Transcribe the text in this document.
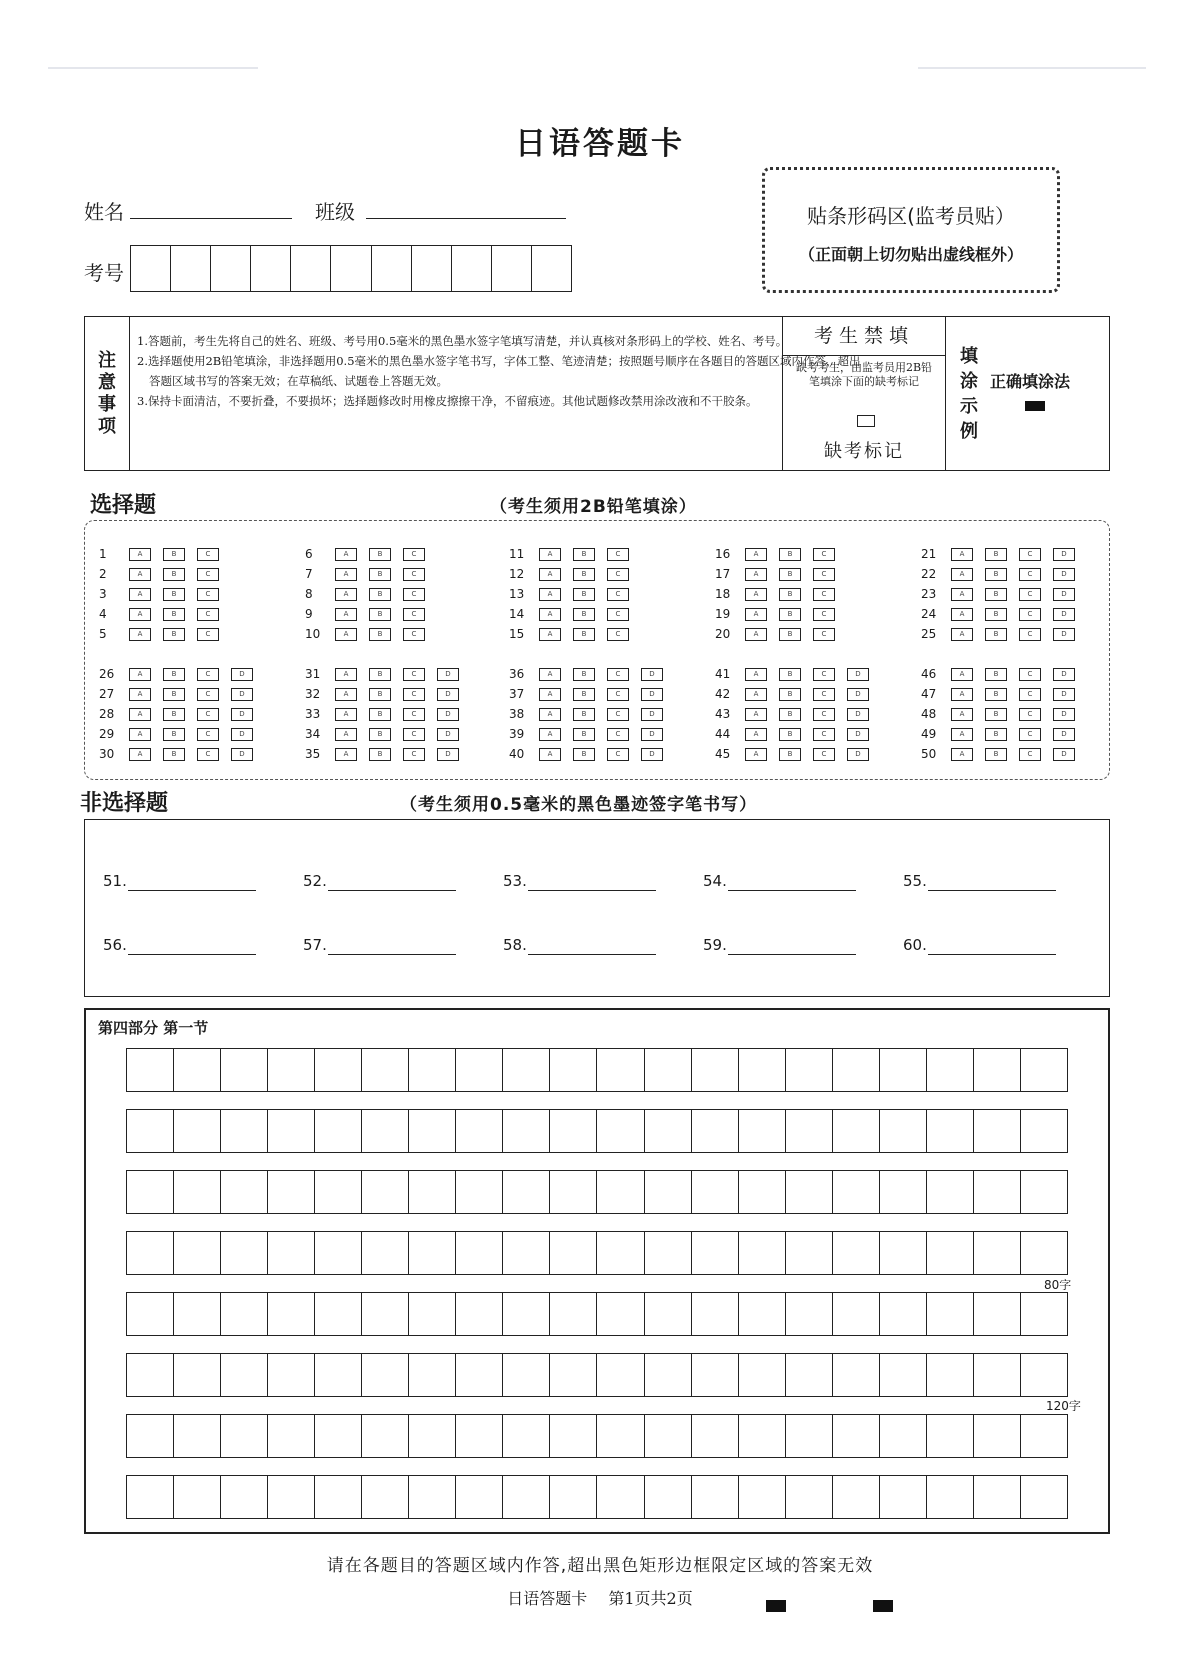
日语答题卡
姓名	班级
考号
贴条形码区(监考员贴）
（正面朝上切勿贴出虚线框外）
注
意
事
项
1.答题前，考生先将自己的姓名、班级、考号用0.5毫米的黑色墨水签字笔填写清楚，并认真核对条形码上的学校、姓名、考号。
2.选择题使用2B铅笔填涂，非选择题用0.5毫米的黑色墨水签字笔书写，字体工整、笔迹清楚；按照题号顺序在各题目的答题区域内作答，超出答题区域书写的答案无效；在草稿纸、试题卷上答题无效。
3.保持卡面清洁，不要折叠，不要损坏；选择题修改时用橡皮擦擦干净，不留痕迹。其他试题修改禁用涂改液和不干胶条。
考生禁填
缺考考生，由监考员用2B铅笔填涂下面的缺考标记
缺考标记
填
涂
示
例
正确填涂法
选择题	（考生须用2B铅笔填涂）
1	A	B	C
2	A	B	C
3	A	B	C
4	A	B	C
5	A	B	C
6	A	B	C
7	A	B	C
8	A	B	C
9	A	B	C
10	A	B	C
11	A	B	C
12	A	B	C
13	A	B	C
14	A	B	C
15	A	B	C
16	A	B	C
17	A	B	C
18	A	B	C
19	A	B	C
20	A	B	C
21	A	B	C	D
22	A	B	C	D
23	A	B	C	D
24	A	B	C	D
25	A	B	C	D
26	A	B	C	D
27	A	B	C	D
28	A	B	C	D
29	A	B	C	D
30	A	B	C	D
31	A	B	C	D
32	A	B	C	D
33	A	B	C	D
34	A	B	C	D
35	A	B	C	D
36	A	B	C	D
37	A	B	C	D
38	A	B	C	D
39	A	B	C	D
40	A	B	C	D
41	A	B	C	D
42	A	B	C	D
43	A	B	C	D
44	A	B	C	D
45	A	B	C	D
46	A	B	C	D
47	A	B	C	D
48	A	B	C	D
49	A	B	C	D
50	A	B	C	D
非选择题	（考生须用0.5毫米的黑色墨迹签字笔书写）
51.	52.	53.	54.	55.
56.	57.	58.	59.	60.
第四部分 第一节
80字
120字
请在各题目的答题区域内作答,超出黑色矩形边框限定区域的答案无效
日语答题卡　 第1页共2页
